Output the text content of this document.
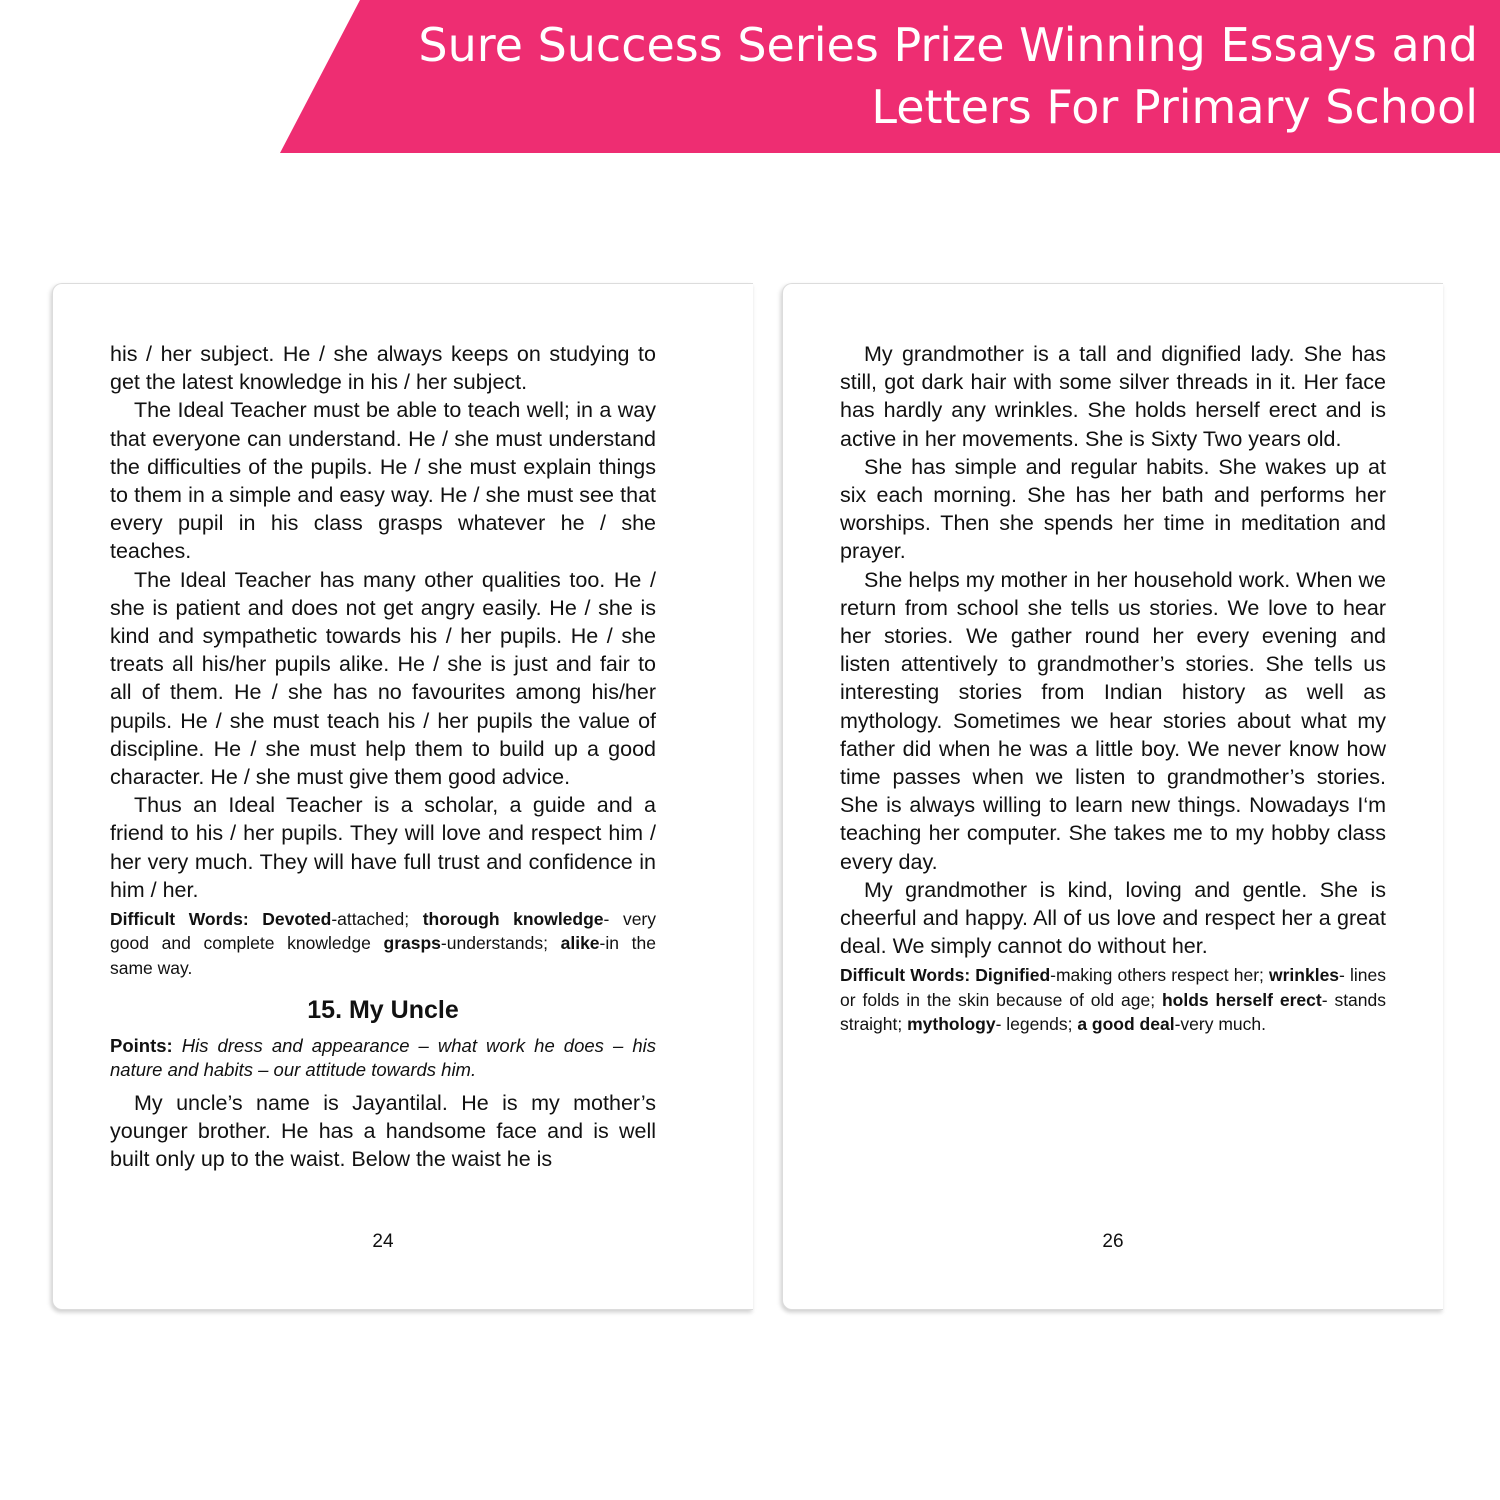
Sure Success Series Prize Winning Essays and
Letters For Primary School

his / her subject. He / she always keeps on studying to get the latest knowledge in his / her subject.

The Ideal Teacher must be able to teach well; in a way that everyone can understand. He / she must understand the difficulties of the pupils. He / she must explain things to them in a simple and easy way. He / she must see that every pupil in his class grasps whatever he / she teaches.

The Ideal Teacher has many other qualities too. He / she is patient and does not get angry easily. He / she is kind and sympathetic towards his / her pupils. He / she treats all his/her pupils alike. He / she is just and fair to all of them. He / she has no favourites among his/her pupils. He / she must teach his / her pupils the value of discipline. He / she must help them to build up a good character. He / she must give them good advice.

Thus an Ideal Teacher is a scholar, a guide and a friend to his / her pupils. They will love and respect him / her very much. They will have full trust and confidence in him / her.

Difficult Words: Devoted-attached; thorough knowledge- very good and complete knowledge grasps-understands; alike-in the same way.
15. My Uncle
Points: His dress and appearance – what work he does – his nature and habits – our attitude towards him.

My uncle’s name is Jayantilal. He is my mother’s younger brother. He has a handsome face and is well built only up to the waist. Below the waist he is

24

My grandmother is a tall and dignified lady. She has still, got dark hair with some silver threads in it. Her face has hardly any wrinkles. She holds herself erect and is active in her movements. She is Sixty Two years old.

She has simple and regular habits. She wakes up at six each morning. She has her bath and performs her worships. Then she spends her time in meditation and prayer.

She helps my mother in her household work. When we return from school she tells us stories. We love to hear her stories. We gather round her every evening and listen attentively to grandmother’s stories. She tells us interesting stories from Indian history as well as mythology. Sometimes we hear stories about what my father did when he was a little boy. We never know how time passes when we listen to grandmother’s stories. She is always willing to learn new things. Nowadays I‘m teaching her computer. She takes me to my hobby class every day.

My grandmother is kind, loving and gentle. She is cheerful and happy. All of us love and respect her a great deal. We simply cannot do without her.

Difficult Words: Dignified-making others respect her; wrinkles- lines or folds in the skin because of old age; holds herself erect- stands straight; mythology- legends; a good deal-very much.
26
